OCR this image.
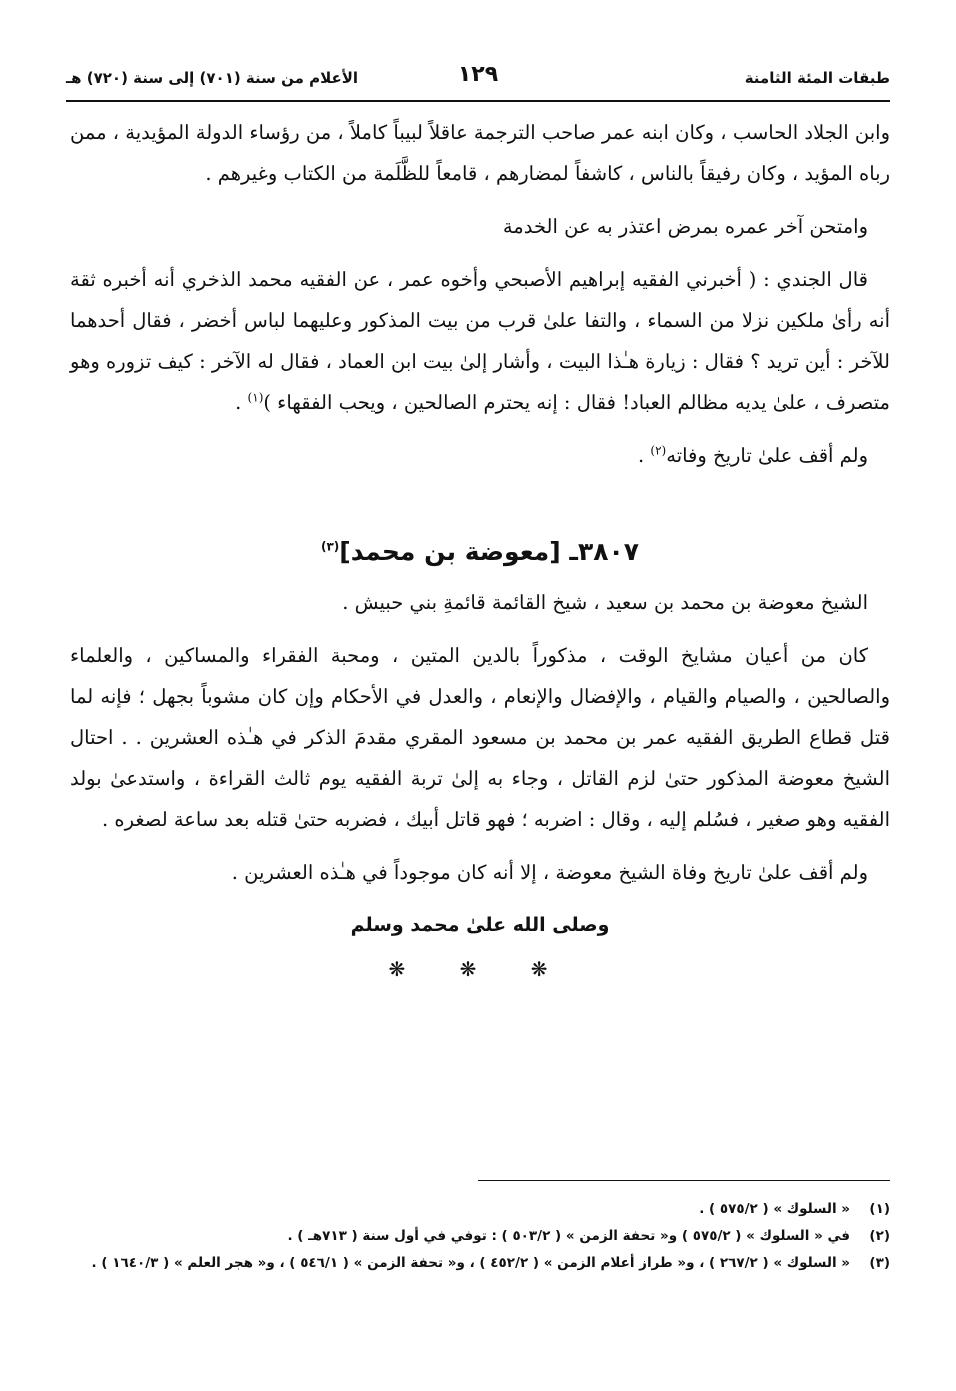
طبقات المئة الثامنة
١٢٩
الأعلام من سنة (٧٠١) إلى سنة (٧٢٠) هـ

وابن الجلاد الحاسب ، وكان ابنه عمر صاحب الترجمة عاقلاً لبيباً كاملاً ، من رؤساء الدولة المؤيدية ، ممن رباه المؤيد ، وكان رفيقاً بالناس ، كاشفاً لمضارهم ، قامعاً للظَّلَمة من الكتاب وغيرهم .

وامتحن آخر عمره بمرض اعتذر به عن الخدمة

قال الجندي : ( أخبرني الفقيه إبراهيم الأصبحي وأخوه عمر ، عن الفقيه محمد الذخري أنه أخبره ثقة أنه رأىٰ ملكين نزلا من السماء ، والتفا علىٰ قرب من بيت المذكور وعليهما لباس أخضر ، فقال أحدهما للآخر : أين تريد ؟ فقال : زيارة هـٰذا البيت ، وأشار إلىٰ بيت ابن العماد ، فقال له الآخر : كيف تزوره وهو متصرف ، علىٰ يديه مظالم العباد! فقال : إنه يحترم الصالحين ، ويحب الفقهاء )$^{(١)}$ .

ولم أقف علىٰ تاريخ وفاته$^{(٢)}$ .

٣٨٠٧ـ [معوضة بن محمد]$^{(٣)}$

الشيخ معوضة بن محمد بن سعيد ، شيخ القائمة قائمةِ بني حبيش .

كان من أعيان مشايخ الوقت ، مذكوراً بالدين المتين ، ومحبة الفقراء والمساكين ، والعلماء والصالحين ، والصيام والقيام ، والإفضال والإنعام ، والعدل في الأحكام وإن كان مشوباً بجهل ؛ فإنه لما قتل قطاع الطريق الفقيه عمر بن محمد بن مسعود المقري مقدمَ الذكر في هـٰذه العشرين . . احتال الشيخ معوضة المذكور حتىٰ لزم القاتل ، وجاء به إلىٰ تربة الفقيه يوم ثالث القراءة ، واستدعىٰ بولد الفقيه وهو صغير ، فسُلم إليه ، وقال : اضربه ؛ فهو قاتل أبيك ، فضربه حتىٰ قتله بعد ساعة لصغره .

ولم أقف علىٰ تاريخ وفاة الشيخ معوضة ، إلا أنه كان موجوداً في هـٰذه العشرين .

وصلى الله علىٰ محمد وسلم
❋ ❋ ❋
(١)
« السلوك » ( ٥٧٥/٢ ) .
(٢)
في « السلوك » ( ٥٧٥/٢ ) و« تحفة الزمن » ( ٥٠٣/٢ ) : توفي في أول سنة ( ٧١٣هـ ) .
(٣)
« السلوك » ( ٢٦٧/٢ ) ، و« طراز أعلام الزمن » ( ٤٥٢/٢ ) ، و« تحفة الزمن » ( ٥٤٦/١ ) ، و« هجر العلم » ( ١٦٤٠/٣ ) .
